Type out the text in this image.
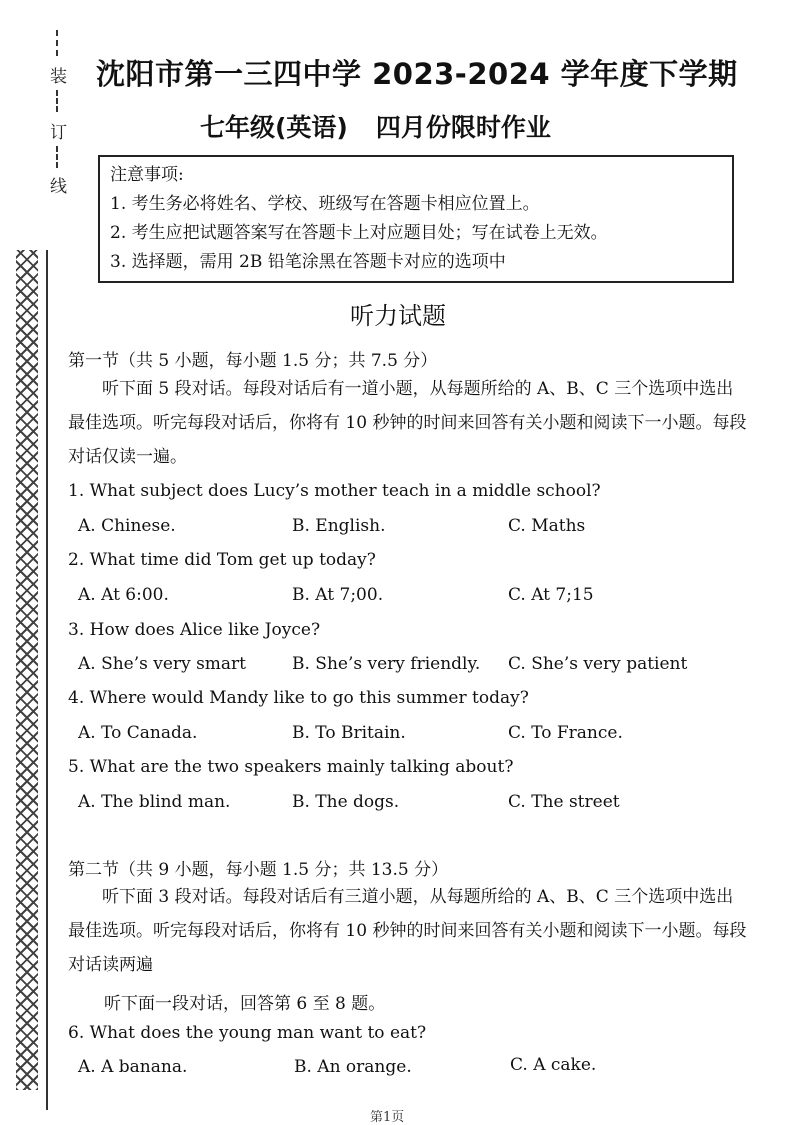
装
订
线
沈阳市第一三四中学 2023-2024 学年度下学期
七年级(英语) 四月份限时作业
注意事项:
1. 考生务必将姓名、学校、班级写在答题卡相应位置上。
2. 考生应把试题答案写在答题卡上对应题目处；写在试卷上无效。
3. 选择题，需用 2B 铅笔涂黑在答题卡对应的选项中
听力试题
第一节（共 5 小题，每小题 1.5 分；共 7.5 分）
听下面 5 段对话。每段对话后有一道小题，从每题所给的 A、B、C 三个选项中选出最佳选项。听完每段对话后，你将有 10 秒钟的时间来回答有关小题和阅读下一小题。每段对话仅读一遍。
1. What subject does Lucy’s mother teach in a middle school?
A. Chinese.	B. English.	C. Maths
2. What time did Tom get up today?
A. At 6:00.	B. At 7;00.	C. At 7;15
3. How does Alice like Joyce?
A. She’s very smart	B. She’s very friendly. C. She’s very patient
4. Where would Mandy like to go this summer today?
A. To Canada.	B. To Britain.	C. To France.
5. What are the two speakers mainly talking about?
A. The blind man.	B. The dogs.	C. The street
第二节（共 9 小题，每小题 1.5 分；共 13.5 分）
听下面 3 段对话。每段对话后有三道小题，从每题所给的 A、B、C 三个选项中选出最佳选项。听完每段对话后，你将有 10 秒钟的时间来回答有关小题和阅读下一小题。每段对话读两遍
听下面一段对话，回答第 6 至 8 题。
6. What does the young man want to eat?
A. A banana.	B. An orange.	C. A cake.
第1页
